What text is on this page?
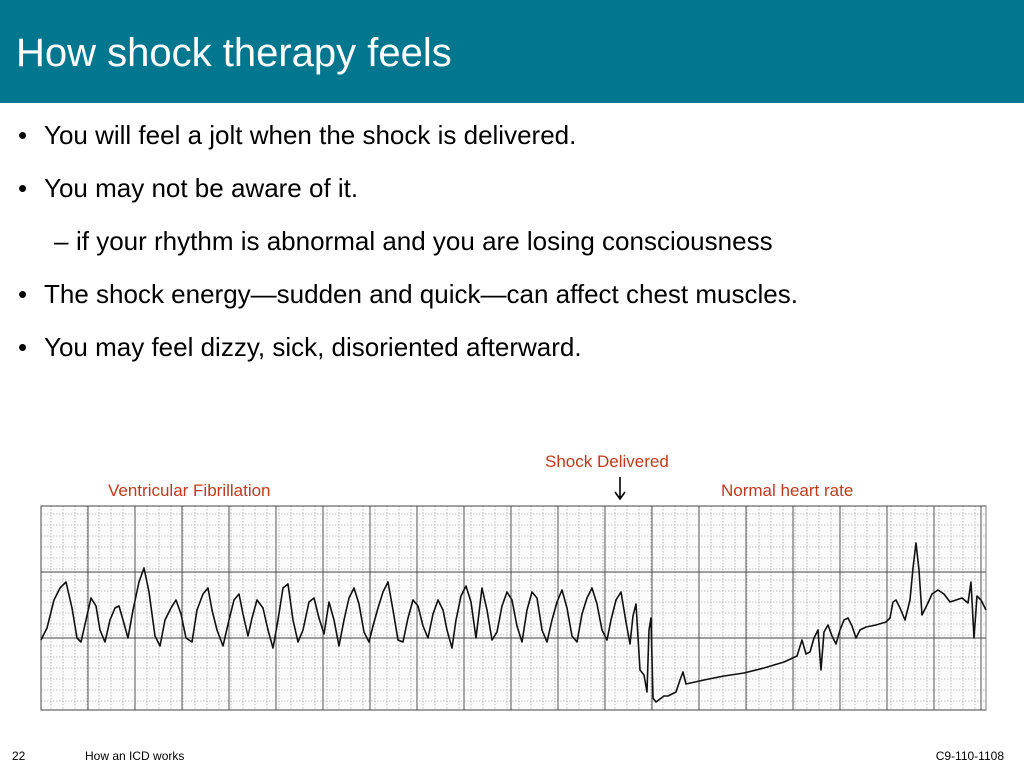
How shock therapy feels
• You will feel a jolt when the shock is delivered.
• You may not be aware of it.
– if your rhythm is abnormal and you are losing consciousness
• The shock energy—sudden and quick—can affect chest muscles.
• You may feel dizzy, sick, disoriented afterward.
Shock Delivered
Ventricular Fibrillation	Normal heart rate
22	How an ICD works	C9-110-1108
